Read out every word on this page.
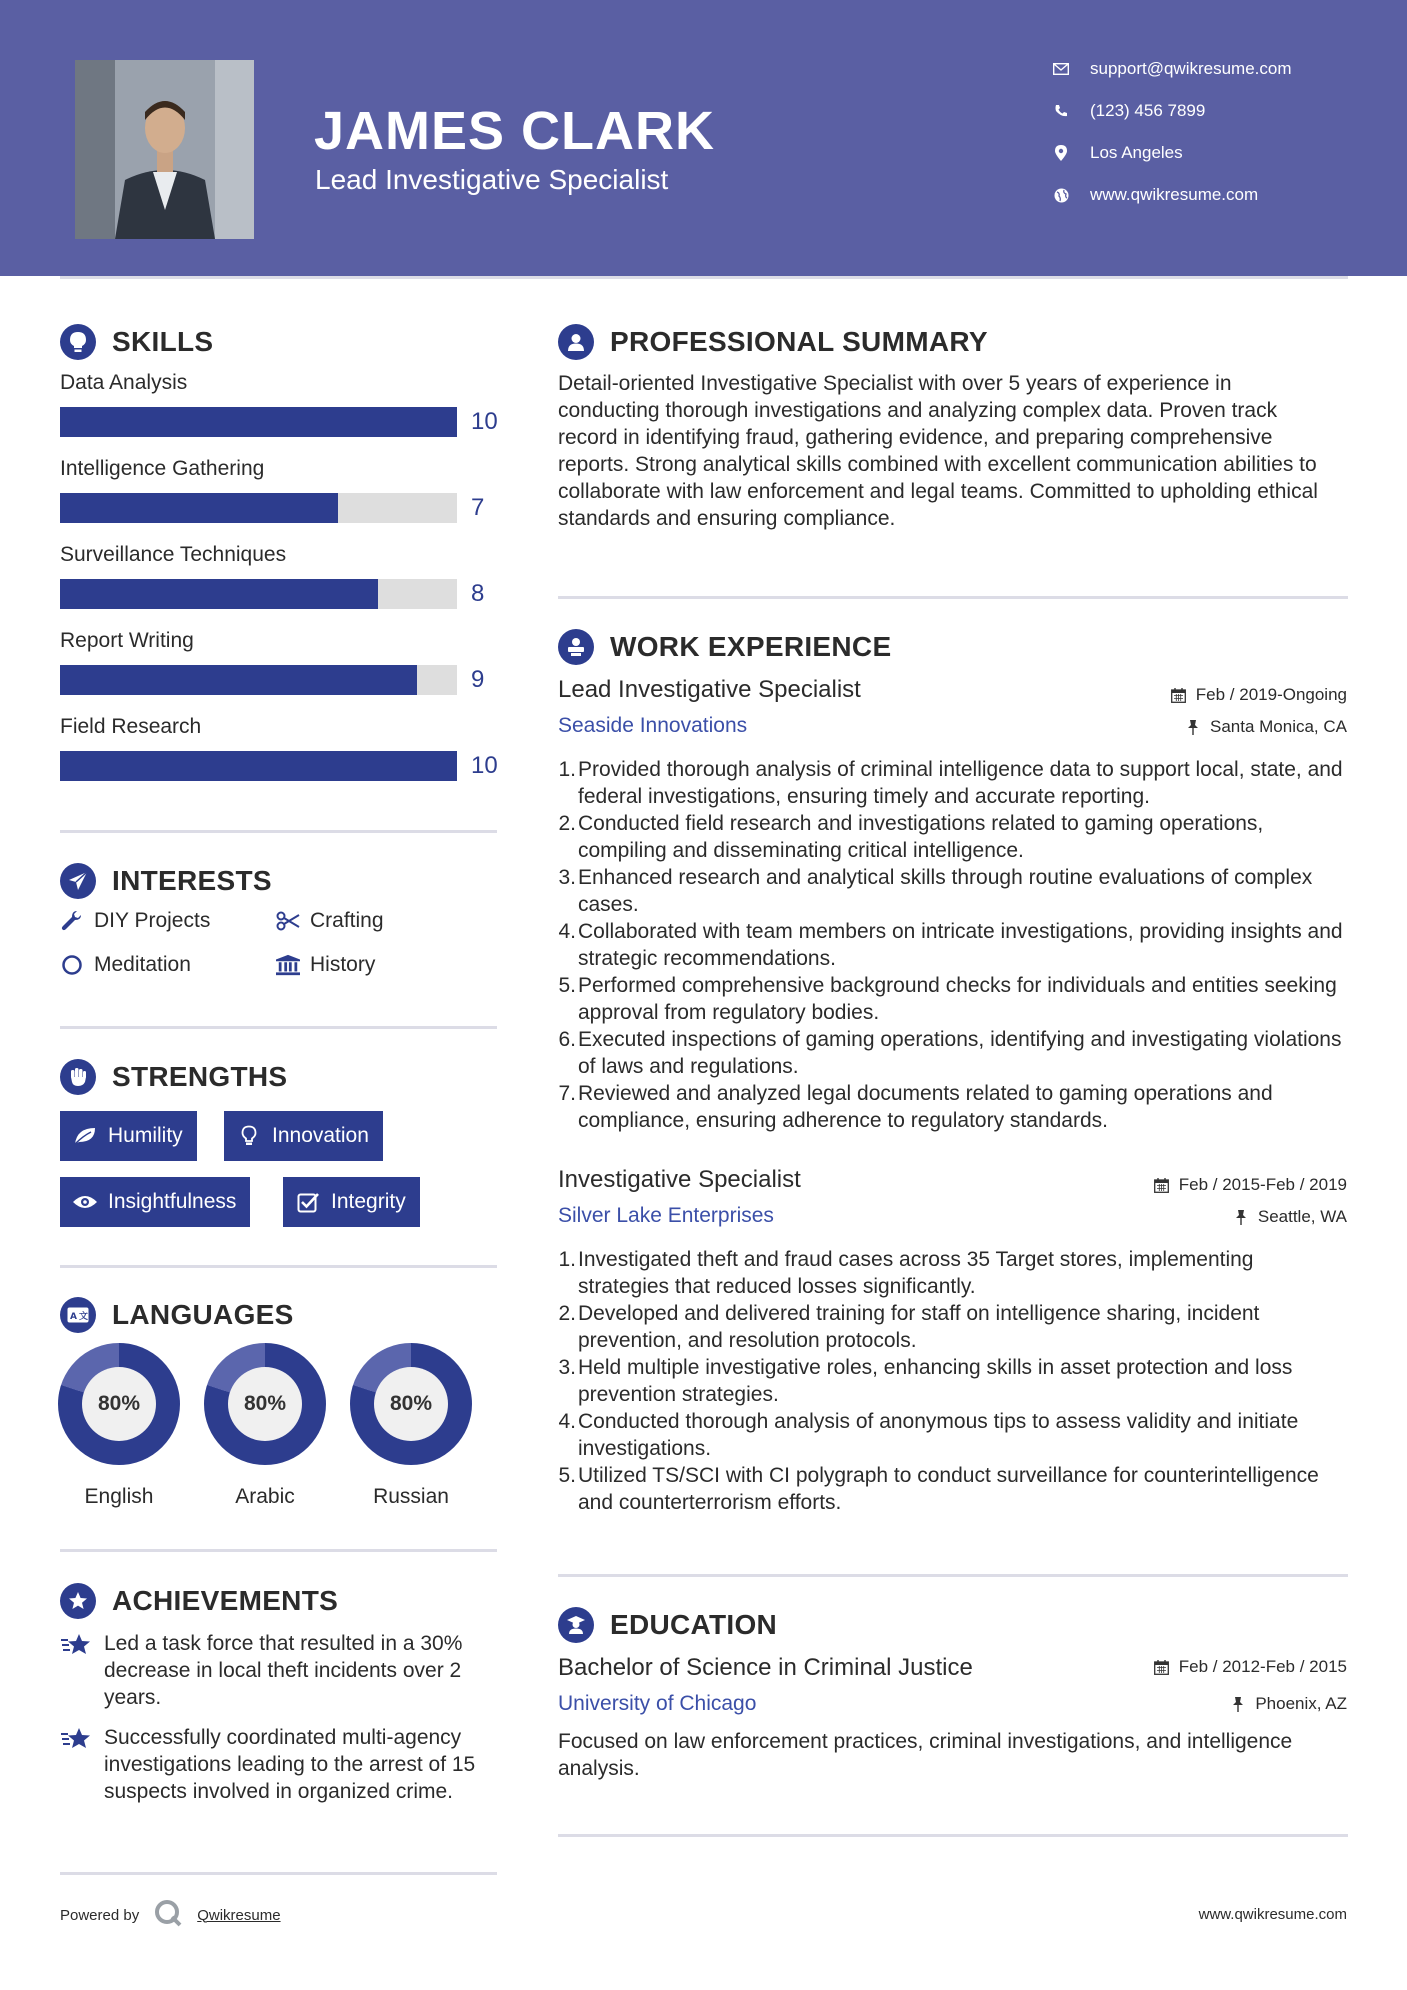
JAMES CLARK
Lead Investigative Specialist
support@qwikresume.com
(123) 456 7899
Los Angeles
www.qwikresume.com
SKILLS
Data Analysis
10
Intelligence Gathering
7
Surveillance Techniques
8
Report Writing
9
Field Research
10
INTERESTS
DIY Projects	Crafting
Meditation	History
STRENGTHS
Humility	Innovation
Insightfulness	Integrity
A 文 LANGUAGES
80%
English
80%
Arabic
80%
Russian
ACHIEVEMENTS
Led a task force that resulted in a 30% decrease in local theft incidents over 2 years.
Successfully coordinated multi-agency investigations leading to the arrest of 15 suspects involved in organized crime.
PROFESSIONAL SUMMARY
Detail-oriented Investigative Specialist with over 5 years of experience in conducting thorough investigations and analyzing complex data. Proven track record in identifying fraud, gathering evidence, and preparing comprehensive reports. Strong analytical skills combined with excellent communication abilities to collaborate with law enforcement and legal teams. Committed to upholding ethical standards and ensuring compliance.
WORK EXPERIENCE
Lead Investigative Specialist	Feb / 2019-Ongoing
Seaside Innovations	Santa Monica, CA
1. Provided thorough analysis of criminal intelligence data to support local, state, and federal investigations, ensuring timely and accurate reporting.
2. Conducted field research and investigations related to gaming operations, compiling and disseminating critical intelligence.
3. Enhanced research and analytical skills through routine evaluations of complex cases.
4. Collaborated with team members on intricate investigations, providing insights and strategic recommendations.
5. Performed comprehensive background checks for individuals and entities seeking approval from regulatory bodies.
6. Executed inspections of gaming operations, identifying and investigating violations of laws and regulations.
7. Reviewed and analyzed legal documents related to gaming operations and compliance, ensuring adherence to regulatory standards.
Investigative Specialist	Feb / 2015-Feb / 2019
Silver Lake Enterprises	Seattle, WA
1. Investigated theft and fraud cases across 35 Target stores, implementing strategies that reduced losses significantly.
2. Developed and delivered training for staff on intelligence sharing, incident prevention, and resolution protocols.
3. Held multiple investigative roles, enhancing skills in asset protection and loss prevention strategies.
4. Conducted thorough analysis of anonymous tips to assess validity and initiate investigations.
5. Utilized TS/SCI with CI polygraph to conduct surveillance for counterintelligence and counterterrorism efforts.
EDUCATION
Bachelor of Science in Criminal Justice	Feb / 2012-Feb / 2015
University of Chicago	Phoenix, AZ
Focused on law enforcement practices, criminal investigations, and intelligence analysis.
Powered by	Qwikresume	www.qwikresume.com
